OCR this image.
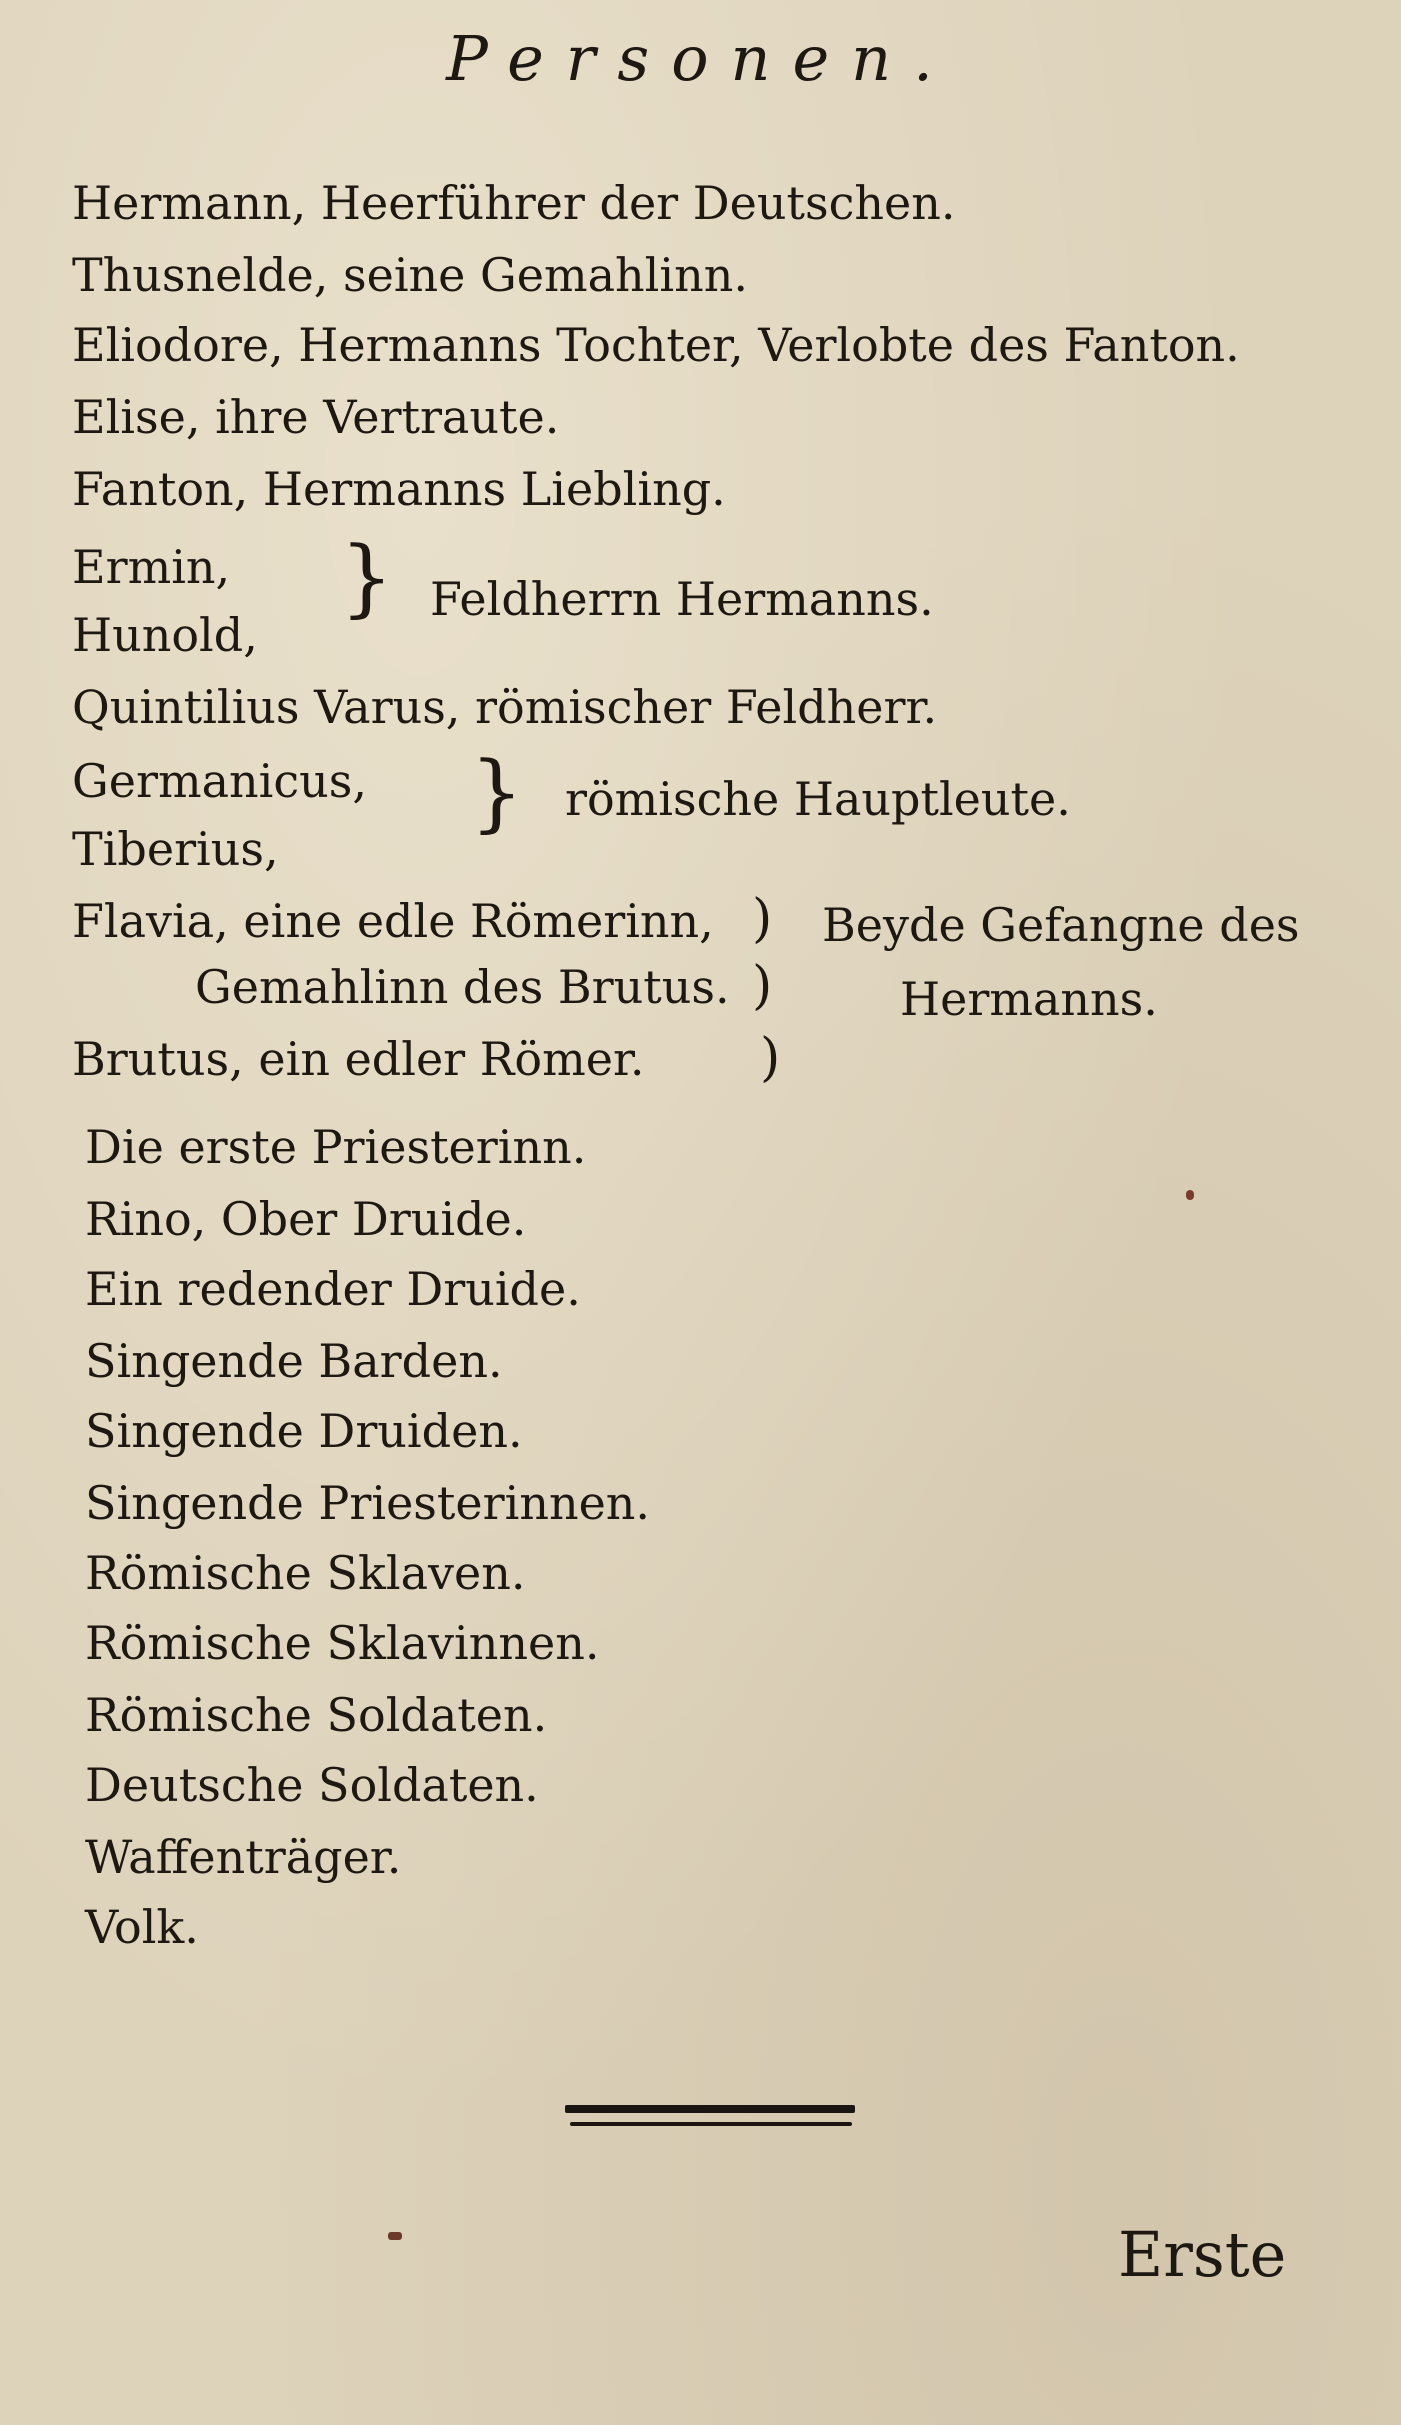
Personen.
Hermann, Heerführer der Deutschen.
Thusnelde, seine Gemahlinn.
Eliodore, Hermanns Tochter, Verlobte des Fanton.
Elise, ihre Vertraute.
Fanton, Hermanns Liebling.
Ermin,
Hunold,
} Feldherrn Hermanns.
Quintilius Varus, römischer Feldherr.
Germanicus,
Tiberius,
} römische Hauptleute.
Flavia, eine edle Römerinn,
Gemahlinn des Brutus.
Brutus, ein edler Römer.
)
)
)
Beyde Gefangne des
Hermanns.
Die erste Priesterinn.
Rino, Ober Druide.
Ein redender Druide.
Singende Barden.
Singende Druiden.
Singende Priesterinnen.
Römische Sklaven.
Römische Sklavinnen.
Römische Soldaten.
Deutsche Soldaten.
Waffenträger.
Volk.
Erste
